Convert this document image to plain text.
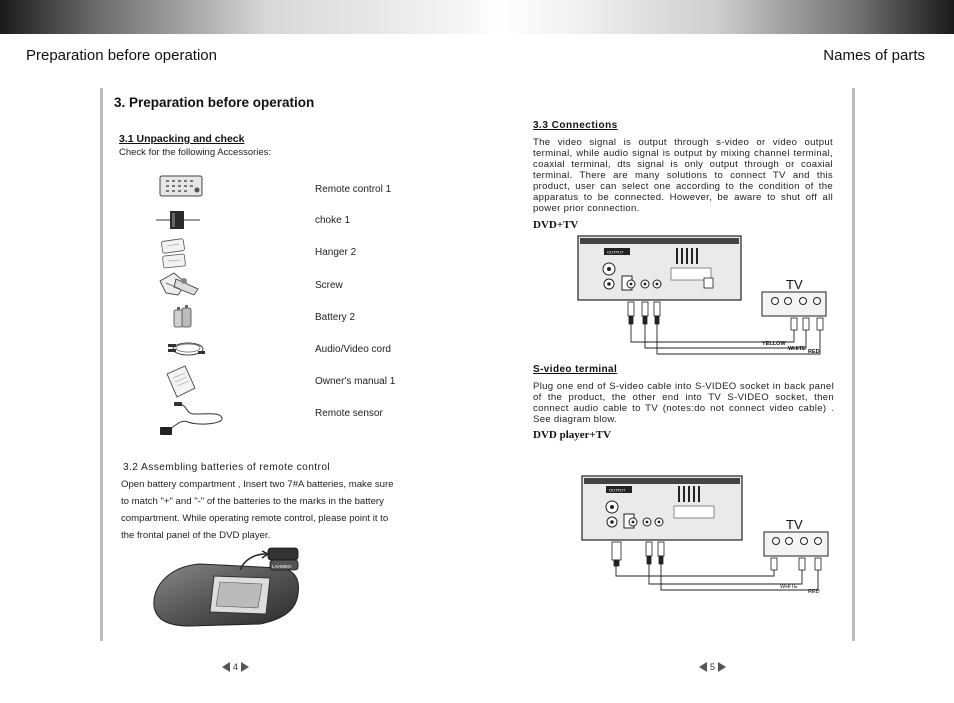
Preparation before operation	Names of parts
3. Preparation before operation
3.1 Unpacking and check
Check for the following Accessories:
Remote control 1
choke 1
Hanger 2
Screw
Battery 2
Audio/Video cord
Owner's manual 1
Remote sensor
3.2 Assembling batteries of remote control
Open battery compartment , Insert two 7#A batteries, make sure
to match "+" and "-" of the batteries to the marks in the battery
compartment. While operating remote control, please point it to
the frontal panel of the DVD player.
LAHWEO
4
3.3 Connections
The video signal is output through s-video or video output terminal, while audio signal is output by mixing channel terminal, coaxial terminal, dts signal is only output through or coaxial terminal. There are many solutions to connect TV and this product, user can select one according to the condition of the apparatus to be connected. However, be aware to shut off all power prior connection.
DVD+TV
OUTPUT
TV
YELLOW
WHITE RED
S-video terminal
Plug one end of S-video cable into S-VIDEO socket in back panel of the product, the other end into TV S-VIDEO socket, then connect audio cable to TV (notes:do not connect video cable) . See diagram blow.
DVD player+TV
OUTPUT
TV
WHITE
RED
5
